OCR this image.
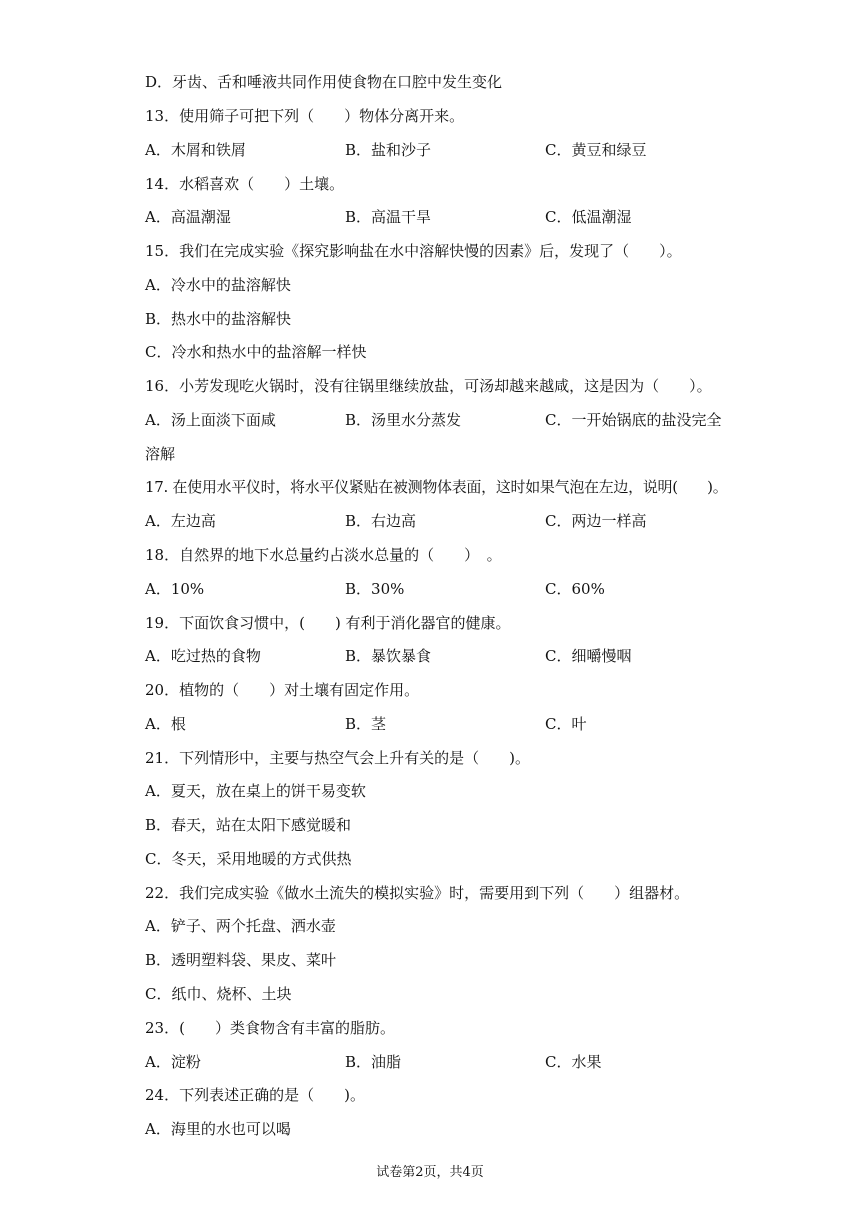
D．牙齿、舌和唾液共同作用使食物在口腔中发生变化
13．使用筛子可把下列（　　）物体分离开来。
A．木屑和铁屑	B．盐和沙子	C．黄豆和绿豆
14．水稻喜欢（　　）土壤。
A．高温潮湿	B．高温干旱	C．低温潮湿
15．我们在完成实验《探究影响盐在水中溶解快慢的因素》后，发现了（　　）。
A．冷水中的盐溶解快
B．热水中的盐溶解快
C．冷水和热水中的盐溶解一样快
16．小芳发现吃火锅时，没有往锅里继续放盐，可汤却越来越咸，这是因为（　　）。
A．汤上面淡下面咸	B．汤里水分蒸发	C．一开始锅底的盐没完全
溶解
17. 在使用水平仪时，将水平仪紧贴在被测物体表面，这时如果气泡在左边，说明(　　)。
A．左边高	B．右边高	C．两边一样高
18．自然界的地下水总量约占淡水总量的（　　）　。
A．10%	B．30%	C．60%
19．下面饮食习惯中，(　　) 有利于消化器官的健康。
A．吃过热的食物	B．暴饮暴食	C．细嚼慢咽
20．植物的（　　）对土壤有固定作用。
A．根	B．茎	C．叶
21．下列情形中，主要与热空气会上升有关的是（　　)。
A．夏天，放在桌上的饼干易变软
B．春天，站在太阳下感觉暖和
C．冬天，采用地暖的方式供热
22．我们完成实验《做水土流失的模拟实验》时，需要用到下列（　　）组器材。
A．铲子、两个托盘、洒水壶
B．透明塑料袋、果皮、菜叶
C．纸巾、烧杯、土块
23．(　　）类食物含有丰富的脂肪。
A．淀粉	B．油脂	C．水果
24．下列表述正确的是（　　)。
A．海里的水也可以喝
试卷第2页，共4页
